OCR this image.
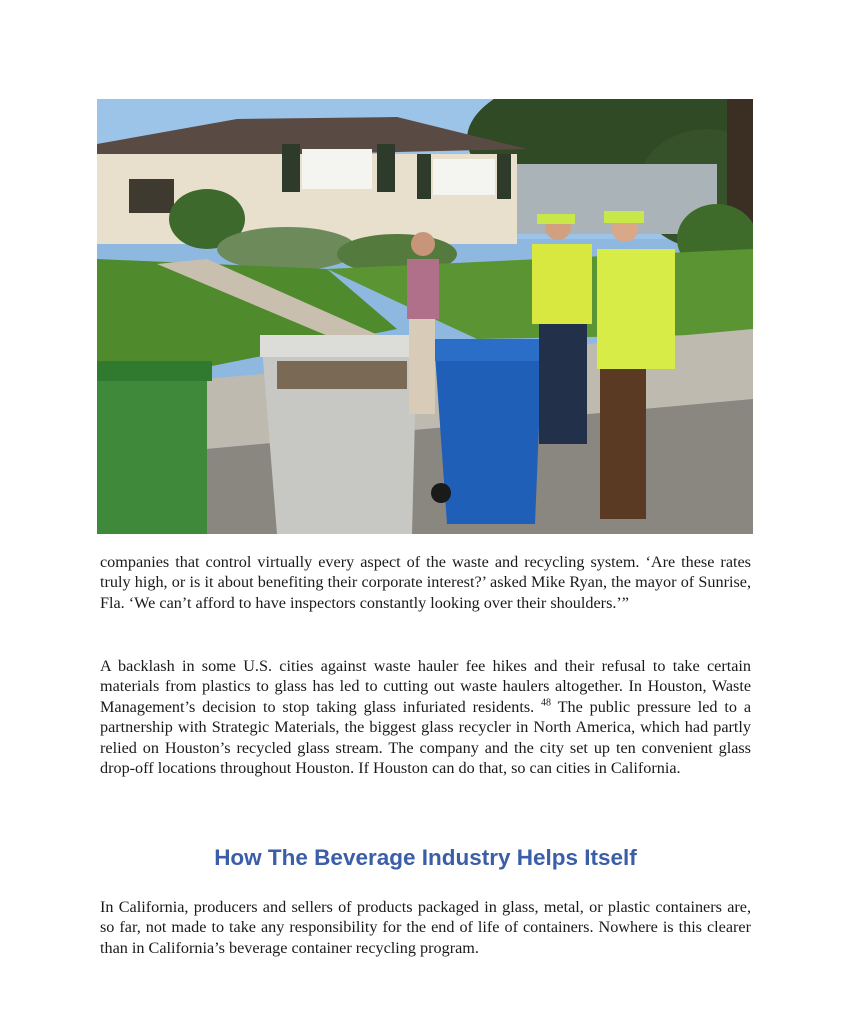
companies that control virtually every aspect of the waste and recycling system. ‘Are these rates truly high, or is it about benefiting their corporate interest?’ asked Mike Ryan, the mayor of Sunrise, Fla. ‘We can’t afford to have inspectors constantly looking over their shoulders.’”

A backlash in some U.S. cities against waste hauler fee hikes and their refusal to take certain materials from plastics to glass has led to cutting out waste haulers altogether. In Houston, Waste Management’s decision to stop taking glass infuriated residents. $^{48}$ The public pressure led to a partnership with Strategic Materials, the biggest glass recycler in North America, which had partly relied on Houston’s recycled glass stream. The company and the city set up ten convenient glass drop-off locations throughout Houston. If Houston can do that, so can cities in California.

How The Beverage Industry Helps Itself

In California, producers and sellers of products packaged in glass, metal, or plastic containers are, so far, not made to take any responsibility for the end of life of containers. Nowhere is this clearer than in California’s beverage container recycling program.
